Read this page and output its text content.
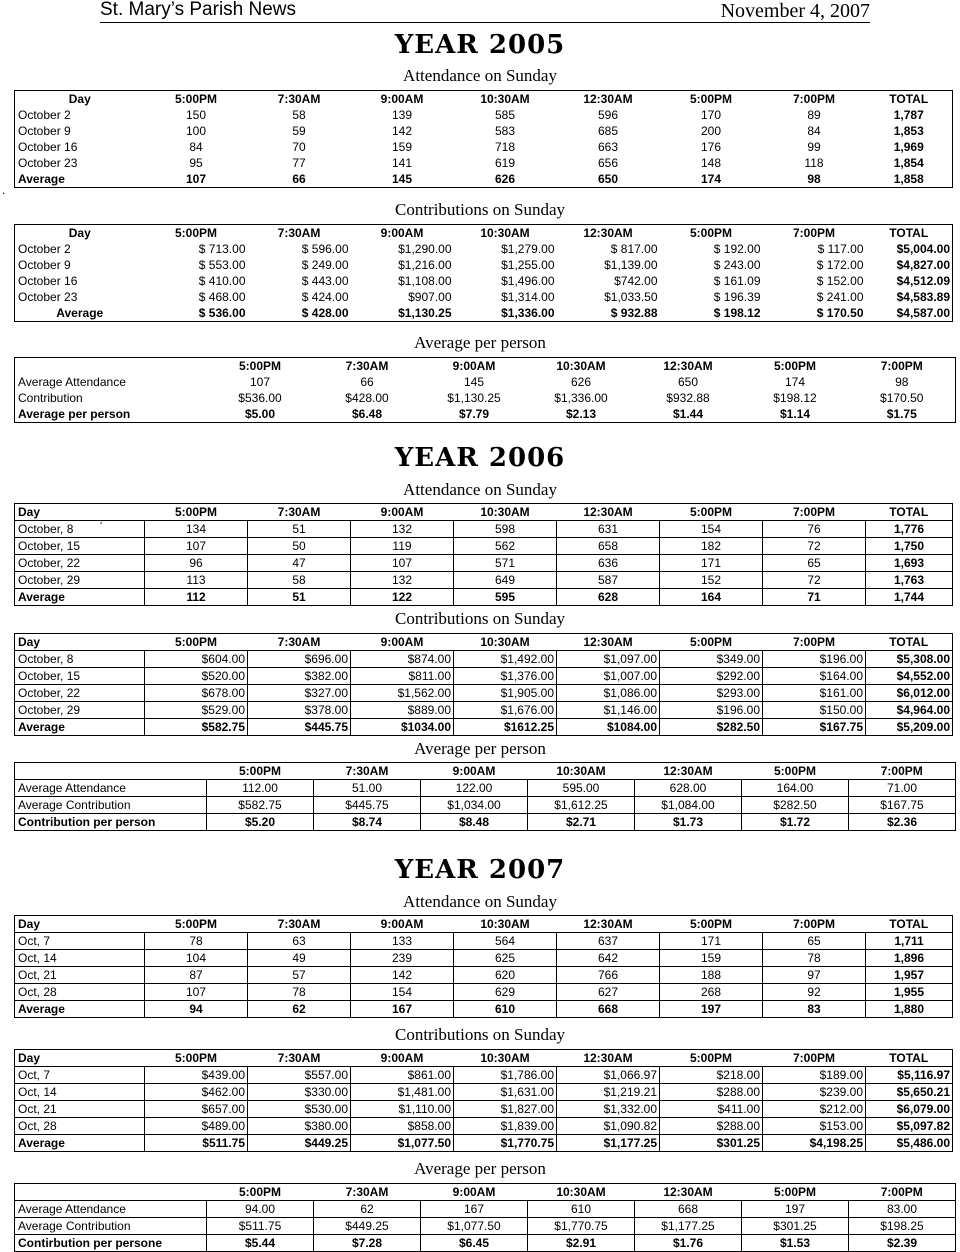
St. Mary’s Parish News	November 4, 2007
.
‘
YEAR 2005
Attendance on Sunday
Contributions on Sunday
Average per person
Day	5:00PM	7:30AM	9:00AM	10:30AM	12:30AM	5:00PM	7:00PM	TOTAL
October 2	150	58	139	585	596	170	89	1,787
October 9	100	59	142	583	685	200	84	1,853
October 16	84	70	159	718	663	176	99	1,969
October 23	95	77	141	619	656	148	118	1,854
Average	107	66	145	626	650	174	98	1,858
Day	5:00PM	7:30AM	9:00AM	10:30AM	12:30AM	5:00PM	7:00PM	TOTAL
October 2	$ 713.00	$ 596.00	$1,290.00	$1,279.00	$ 817.00	$ 192.00	$ 117.00	$5,004.00
October 9	$ 553.00	$ 249.00	$1,216.00	$1,255.00	$1,139.00	$ 243.00	$ 172.00	$4,827.00
October 16	$ 410.00	$ 443.00	$1,108.00	$1,496.00	$742.00	$ 161.09	$ 152.00	$4,512.09
October 23	$ 468.00	$ 424.00	$907.00	$1,314.00	$1,033.50	$ 196.39	$ 241.00	$4,583.89
Average	$ 536.00	$ 428.00	$1,130.25	$1,336.00	$ 932.88	$ 198.12	$ 170.50	$4,587.00
	5:00PM	7:30AM	9:00AM	10:30AM	12:30AM	5:00PM	7:00PM
Average Attendance	107	66	145	626	650	174	98
Contribution	$536.00	$428.00	$1,130.25	$1,336.00	$932.88	$198.12	$170.50
Average per person	$5.00	$6.48	$7.79	$2.13	$1.44	$1.14	$1.75
YEAR 2006
Attendance on Sunday
Contributions on Sunday
Average per person
Day	5:00PM	7:30AM	9:00AM	10:30AM	12:30AM	5:00PM	7:00PM	TOTAL
October, 8	134	51	132	598	631	154	76	1,776
October, 15	107	50	119	562	658	182	72	1,750
October, 22	96	47	107	571	636	171	65	1,693
October, 29	113	58	132	649	587	152	72	1,763
Average	112	51	122	595	628	164	71	1,744
Day	5:00PM	7:30AM	9:00AM	10:30AM	12:30AM	5:00PM	7:00PM	TOTAL
October, 8	$604.00	$696.00	$874.00	$1,492.00	$1,097.00	$349.00	$196.00	$5,308.00
October, 15	$520.00	$382.00	$811.00	$1,376.00	$1,007.00	$292.00	$164.00	$4,552.00
October, 22	$678.00	$327.00	$1,562.00	$1,905.00	$1,086.00	$293.00	$161.00	$6,012.00
October, 29	$529.00	$378.00	$889.00	$1,676.00	$1,146.00	$196.00	$150.00	$4,964.00
Average	$582.75	$445.75	$1034.00	$1612.25	$1084.00	$282.50	$167.75	$5,209.00
	5:00PM	7:30AM	9:00AM	10:30AM	12:30AM	5:00PM	7:00PM
Average Attendance	112.00	51.00	122.00	595.00	628.00	164.00	71.00
Average Contribution	$582.75	$445.75	$1,034.00	$1,612.25	$1,084.00	$282.50	$167.75
Contribution per person	$5.20	$8.74	$8.48	$2.71	$1.73	$1.72	$2.36
YEAR 2007
Attendance on Sunday
Contributions on Sunday
Average per person
Day	5:00PM	7:30AM	9:00AM	10:30AM	12:30AM	5:00PM	7:00PM	TOTAL
Oct, 7	78	63	133	564	637	171	65	1,711
Oct, 14	104	49	239	625	642	159	78	1,896
Oct, 21	87	57	142	620	766	188	97	1,957
Oct, 28	107	78	154	629	627	268	92	1,955
Average	94	62	167	610	668	197	83	1,880
Day	5:00PM	7:30AM	9:00AM	10:30AM	12:30AM	5:00PM	7:00PM	TOTAL
Oct, 7	$439.00	$557.00	$861.00	$1,786.00	$1,066.97	$218.00	$189.00	$5,116.97
Oct, 14	$462.00	$330.00	$1,481.00	$1,631.00	$1,219.21	$288.00	$239.00	$5,650.21
Oct, 21	$657.00	$530.00	$1,110.00	$1,827.00	$1,332.00	$411.00	$212.00	$6,079.00
Oct, 28	$489.00	$380.00	$858.00	$1,839.00	$1,090.82	$288.00	$153.00	$5,097.82
Average	$511.75	$449.25	$1,077.50	$1,770.75	$1,177.25	$301.25	$4,198.25	$5,486.00
	5:00PM	7:30AM	9:00AM	10:30AM	12:30AM	5:00PM	7:00PM
Average Attendance	94.00	62	167	610	668	197	83.00
Average Contribution	$511.75	$449.25	$1,077.50	$1,770.75	$1,177.25	$301.25	$198.25
Contirbution per persone	$5.44	$7.28	$6.45	$2.91	$1.76	$1.53	$2.39
